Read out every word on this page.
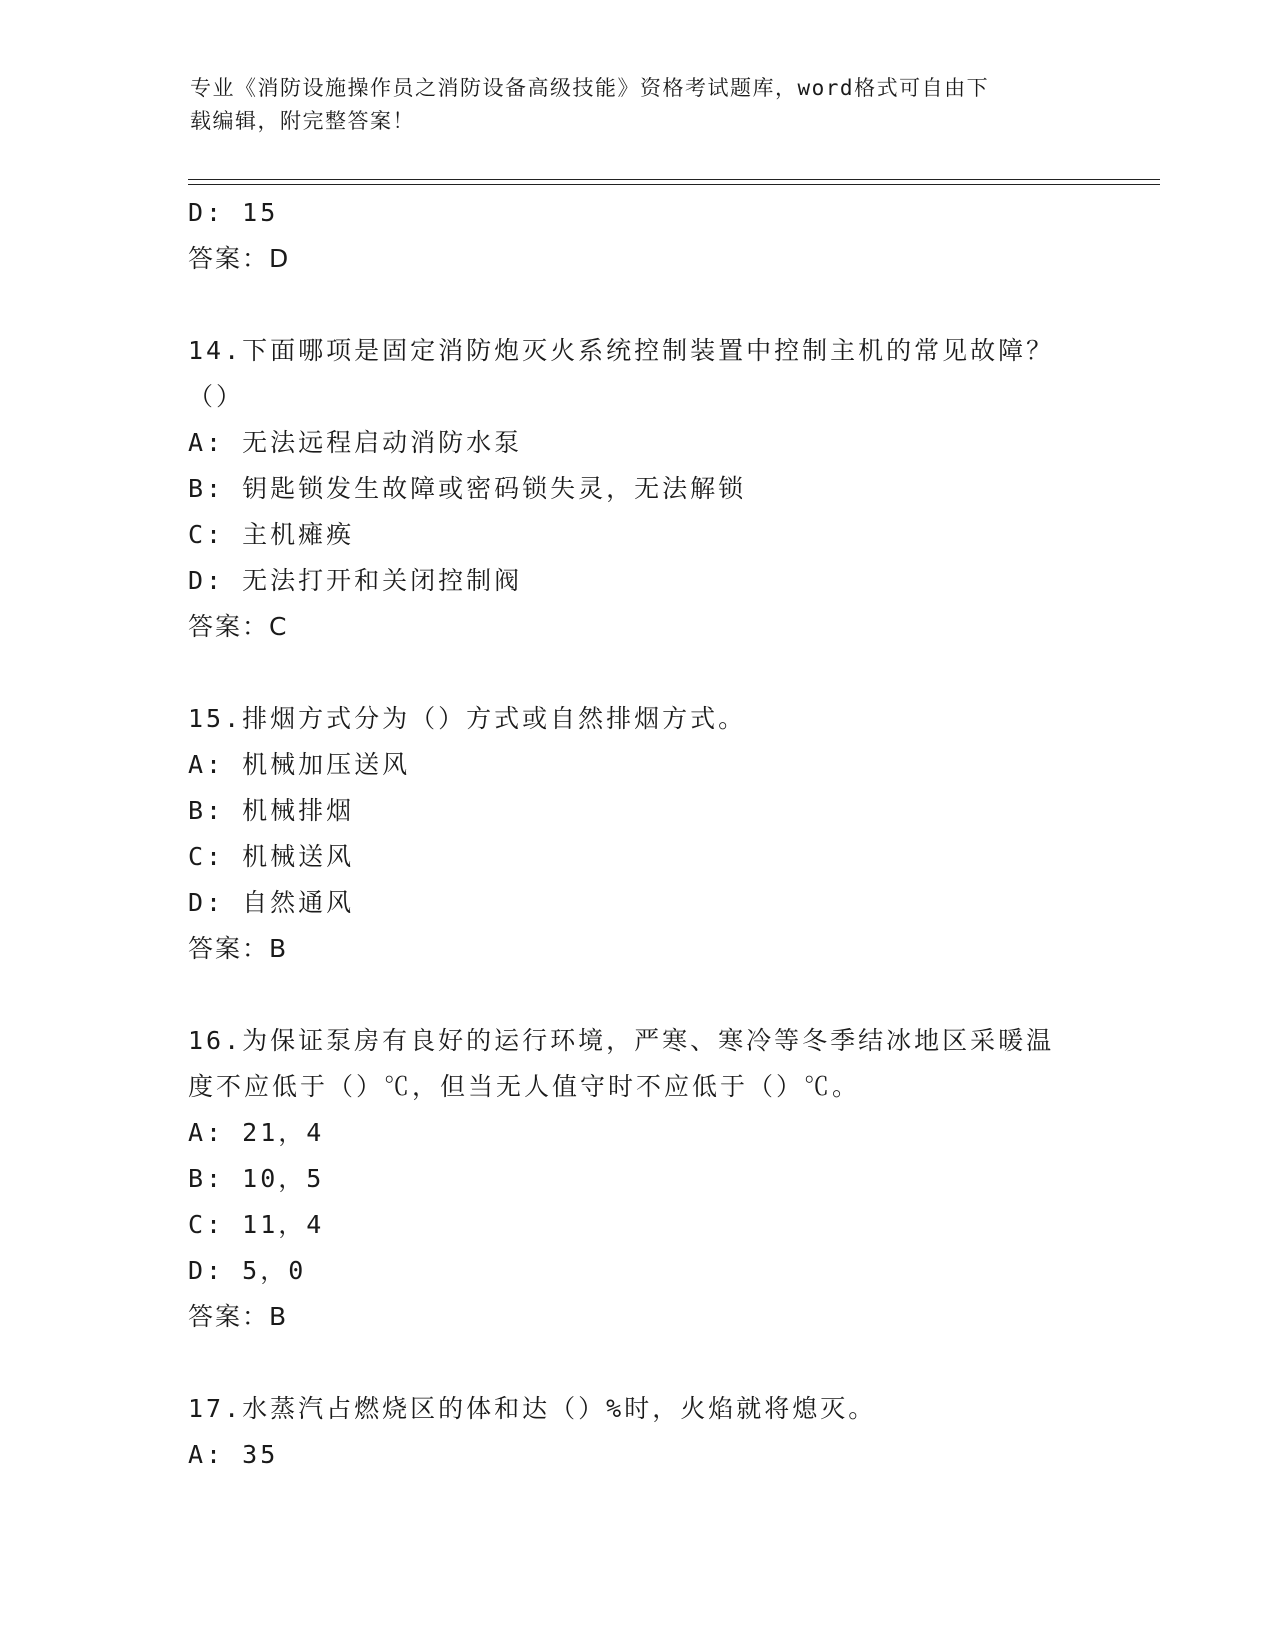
专业《消防设施操作员之消防设备高级技能》资格考试题库，word格式可自由下
载编辑，附完整答案！
D: 15
答案：D
14.下面哪项是固定消防炮灭火系统控制装置中控制主机的常见故障？
（）
A: 无法远程启动消防水泵
B: 钥匙锁发生故障或密码锁失灵，无法解锁
C: 主机瘫痪
D: 无法打开和关闭控制阀
答案：C
15.排烟方式分为（）方式或自然排烟方式。
A: 机械加压送风
B: 机械排烟
C: 机械送风
D: 自然通风
答案：B
16.为保证泵房有良好的运行环境，严寒、寒冷等冬季结冰地区采暖温
度不应低于（）℃，但当无人值守时不应低于（）℃。
A: 21，4
B: 10，5
C: 11，4
D: 5，0
答案：B
17.水蒸汽占燃烧区的体和达（）%时，火焰就将熄灭。
A: 35
